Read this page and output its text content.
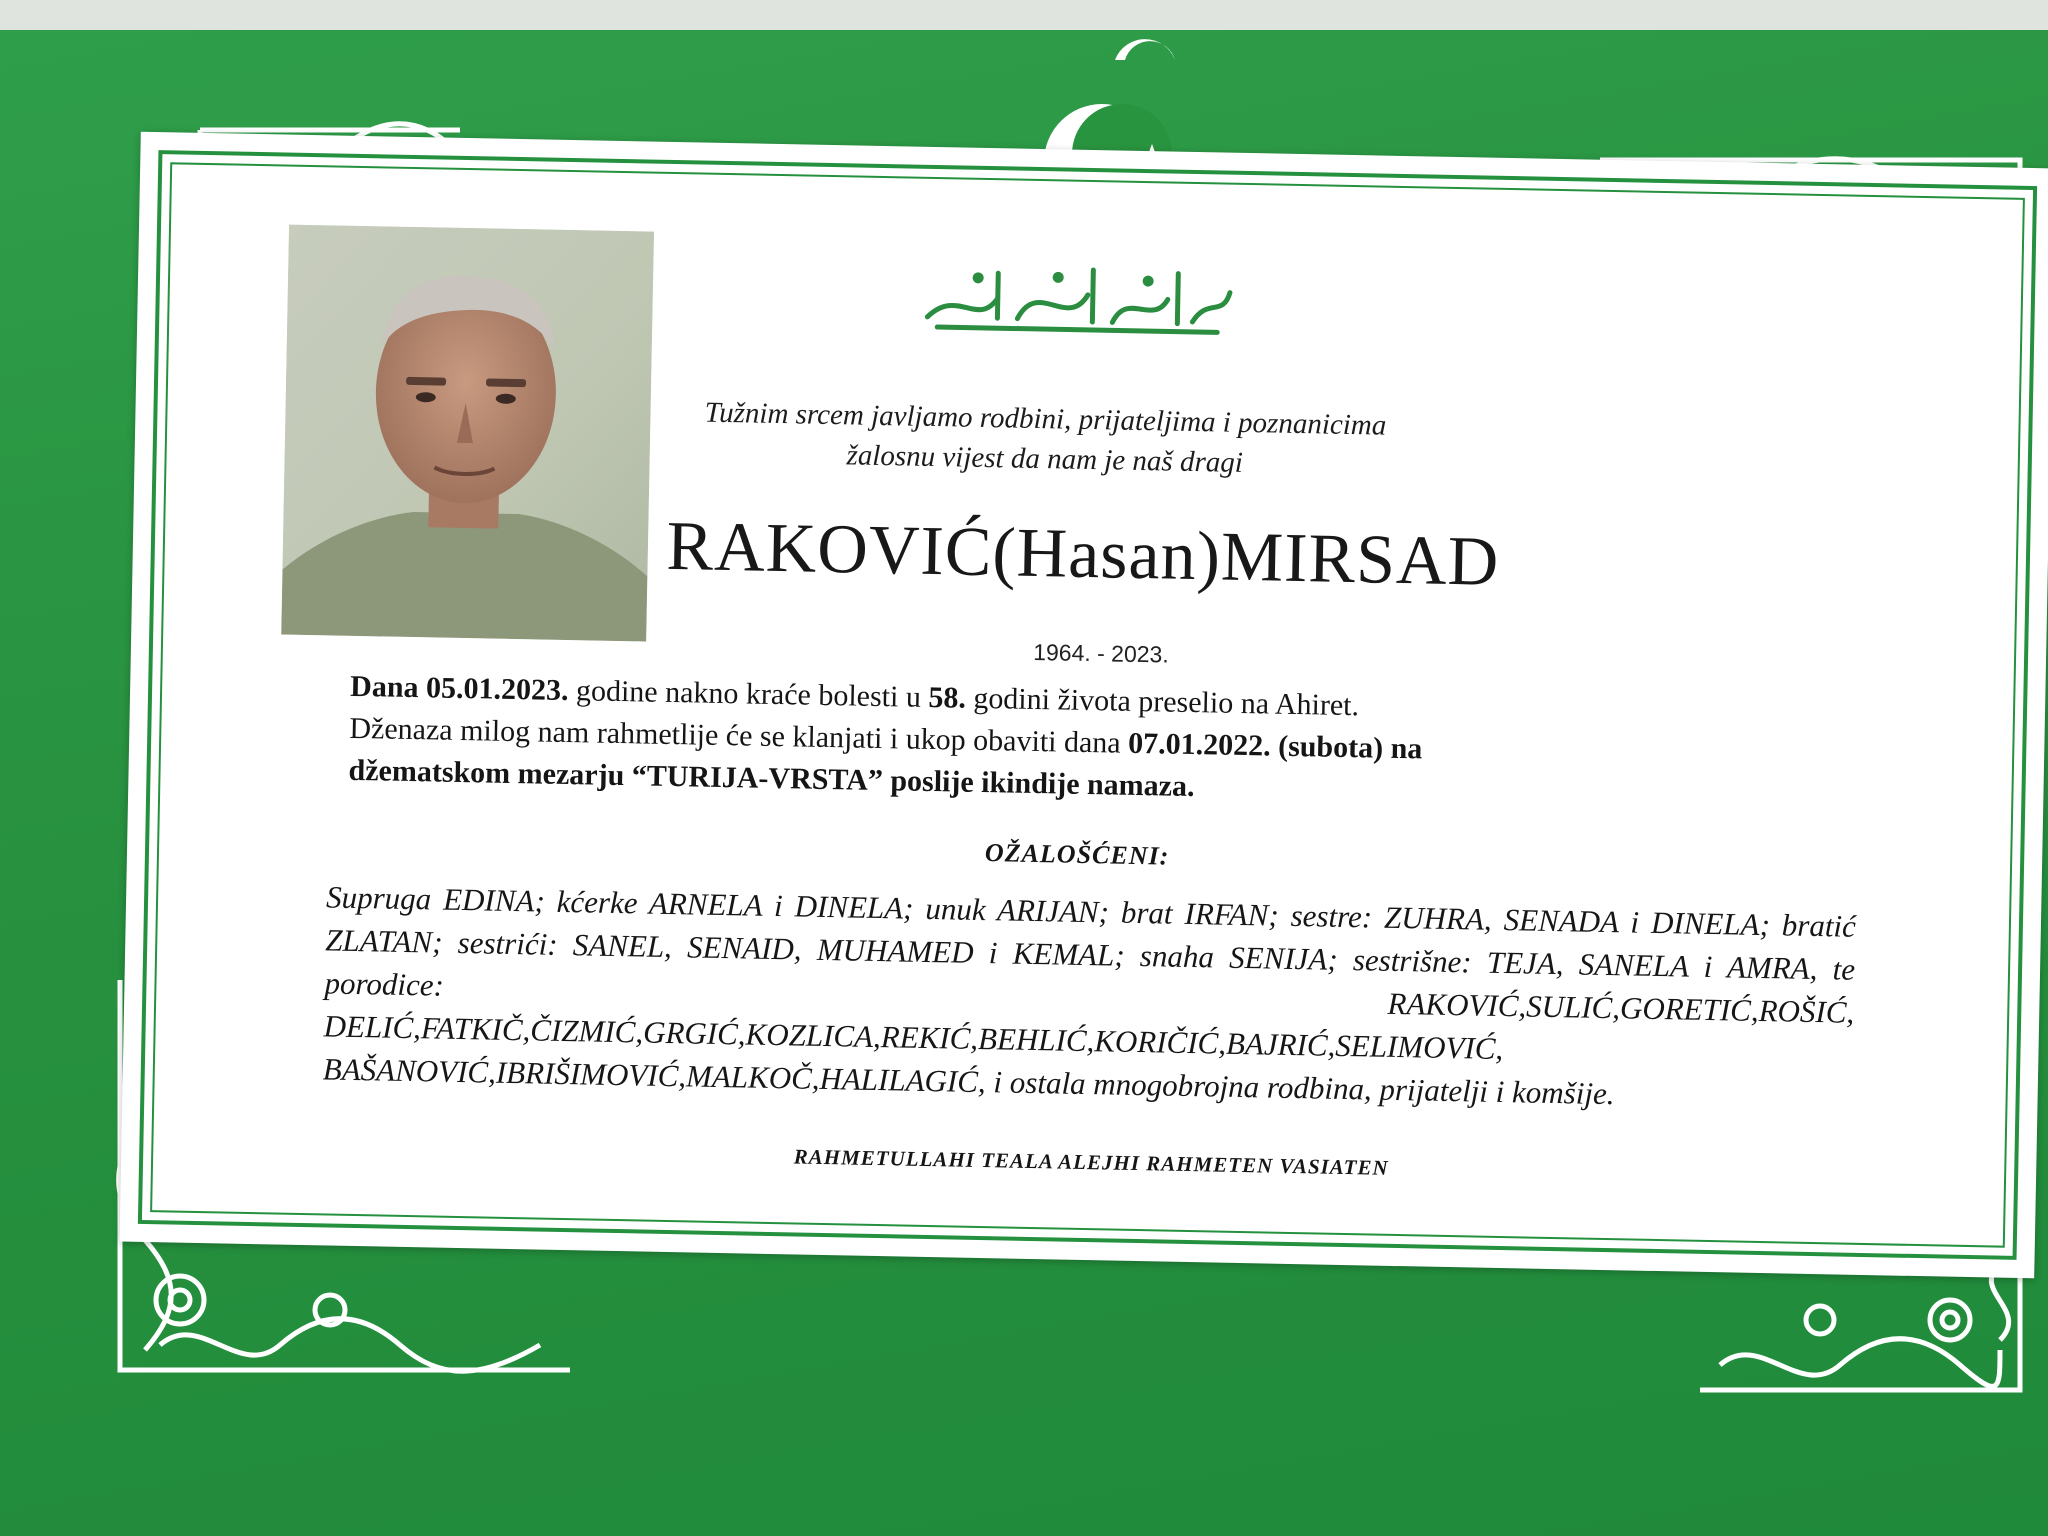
Tužnim srcem javljamo rodbini, prijateljima i poznanicima
žalosnu vijest da nam je naš dragi
RAKOVIĆ(Hasan)MIRSAD
1964. - 2023.
Dana 05.01.2023. godine nakno kraće bolesti u 58. godini života preselio na Ahiret.
Dženaza milog nam rahmetlije će se klanjati i ukop obaviti dana 07.01.2022. (subota) na
džematskom mezarju “TURIJA-VRSTA” poslije ikindije namaza.
OŽALOŠĆENI:
Supruga EDINA; kćerke ARNELA i DINELA; unuk ARIJAN; brat IRFAN; sestre: ZUHRA, SENADA i DINELA; bratić ZLATAN; sestrići: SANEL, SENAID, MUHAMED i KEMAL; snaha SENIJA; sestrišne: TEJA, SANELA i AMRA, te porodice: RAKOVIĆ,SULIĆ,GORETIĆ,ROŠIĆ, DELIĆ,FATKIČ,ČIZMIĆ,GRGIĆ,KOZLICA,REKIĆ,BEHLIĆ,KORIČIĆ,BAJRIĆ,SELIMOVIĆ, BAŠANOVIĆ,IBRIŠIMOVIĆ,MALKOČ,HALILAGIĆ, i ostala mnogobrojna rodbina, prijatelji i komšije.
RAHMETULLAHI TEALA ALEJHI RAHMETEN VASIATEN
